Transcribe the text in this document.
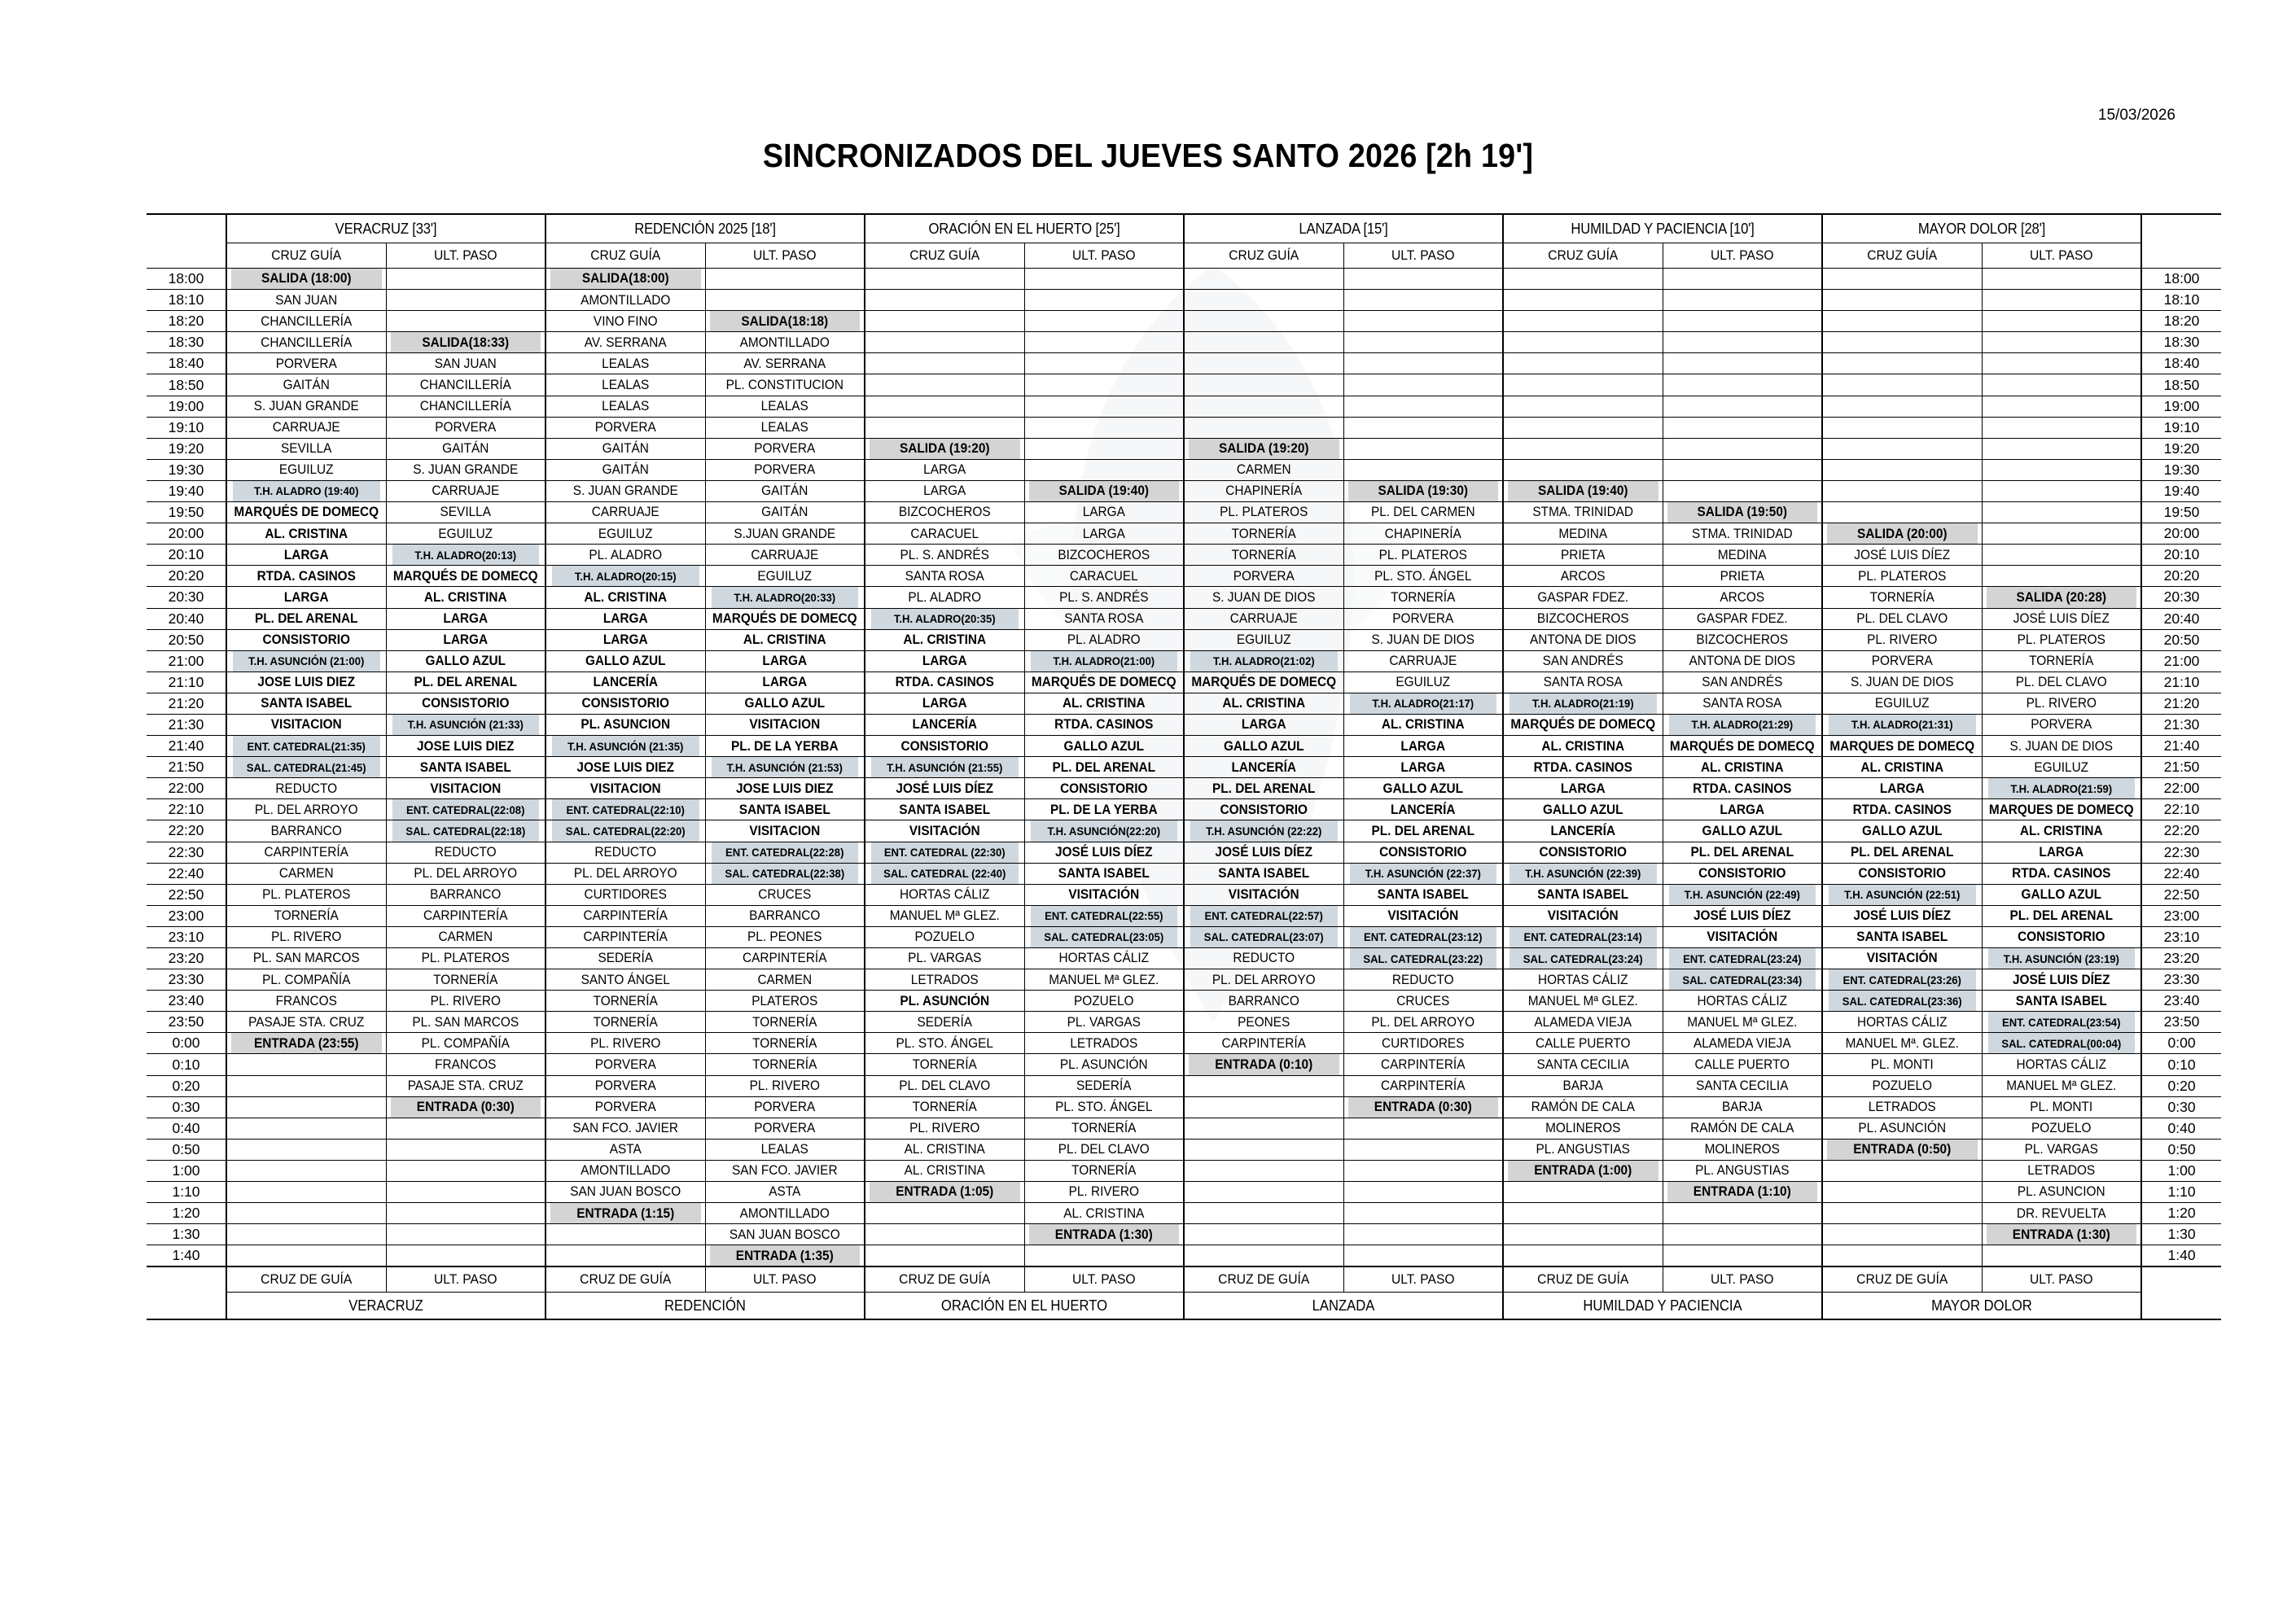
SINCRONIZADOS DEL JUEVES SANTO 2026 [2h 19']
	VERACRUZ [33']		REDENCIÓN 2025 [18']		ORACIÓN EN EL HUERTO [25']		LANZADA [15']		HUMILDAD Y PACIENCIA [10']		MAYOR DOLOR [28']		
	CRUZ GUÍA	ULT. PASO	CRUZ GUÍA	ULT. PASO	CRUZ GUÍA	ULT. PASO	CRUZ GUÍA	ULT. PASO	CRUZ GUÍA	ULT. PASO	CRUZ GUÍA	ULT. PASO	
18:00	SALIDA (18:00)		SALIDA(18:00)										18:00
18:10	SAN JUAN		AMONTILLADO										18:10
18:20	CHANCILLERÍA		VINO FINO	SALIDA(18:18)									18:20
18:30	CHANCILLERÍA	SALIDA(18:33)	AV. SERRANA	AMONTILLADO									18:30
18:40	PORVERA	SAN JUAN	LEALAS	AV. SERRANA									18:40
18:50	GAITÁN	CHANCILLERÍA	LEALAS	PL. CONSTITUCION									18:50
19:00	S. JUAN GRANDE	CHANCILLERÍA	LEALAS	LEALAS									19:00
19:10	CARRUAJE	PORVERA	PORVERA	LEALAS									19:10
19:20	SEVILLA	GAITÁN	GAITÁN	PORVERA	SALIDA (19:20)		SALIDA (19:20)						19:20
19:30	EGUILUZ	S. JUAN GRANDE	GAITÁN	PORVERA	LARGA		CARMEN						19:30
19:40	T.H. ALADRO (19:40)	CARRUAJE	S. JUAN GRANDE	GAITÁN	LARGA	SALIDA (19:40)	CHAPINERÍA	SALIDA (19:30)	SALIDA (19:40)				19:40
19:50	MARQUÉS DE DOMECQ	SEVILLA	CARRUAJE	GAITÁN	BIZCOCHEROS	LARGA	PL. PLATEROS	PL. DEL CARMEN	STMA. TRINIDAD	SALIDA (19:50)			19:50
20:00	AL. CRISTINA	EGUILUZ	EGUILUZ	S.JUAN GRANDE	CARACUEL	LARGA	TORNERÍA	CHAPINERÍA	MEDINA	STMA. TRINIDAD	SALIDA (20:00)		20:00
20:10	LARGA	T.H. ALADRO(20:13)	PL. ALADRO	CARRUAJE	PL. S. ANDRÉS	BIZCOCHEROS	TORNERÍA	PL. PLATEROS	PRIETA	MEDINA	JOSÉ LUIS DÍEZ		20:10
20:20	RTDA. CASINOS	MARQUÉS DE DOMECQ	T.H. ALADRO(20:15)	EGUILUZ	SANTA ROSA	CARACUEL	PORVERA	PL. STO. ÁNGEL	ARCOS	PRIETA	PL. PLATEROS		20:20
20:30	LARGA	AL. CRISTINA	AL. CRISTINA	T.H. ALADRO(20:33)	PL. ALADRO	PL. S. ANDRÉS	S. JUAN DE DIOS	TORNERÍA	GASPAR FDEZ.	ARCOS	TORNERÍA	SALIDA (20:28)	20:30
20:40	PL. DEL ARENAL	LARGA	LARGA	MARQUÉS DE DOMECQ	T.H. ALADRO(20:35)	SANTA ROSA	CARRUAJE	PORVERA	BIZCOCHEROS	GASPAR FDEZ.	PL. DEL CLAVO	JOSÉ LUIS DÍEZ	20:40
20:50	CONSISTORIO	LARGA	LARGA	AL. CRISTINA	AL. CRISTINA	PL. ALADRO	EGUILUZ	S. JUAN DE DIOS	ANTONA DE DIOS	BIZCOCHEROS	PL. RIVERO	PL. PLATEROS	20:50
21:00	T.H. ASUNCIÓN (21:00)	GALLO AZUL	GALLO AZUL	LARGA	LARGA	T.H. ALADRO(21:00)	T.H. ALADRO(21:02)	CARRUAJE	SAN ANDRÉS	ANTONA DE DIOS	PORVERA	TORNERÍA	21:00
21:10	JOSE LUIS DIEZ	PL. DEL ARENAL	LANCERÍA	LARGA	RTDA. CASINOS	MARQUÉS DE DOMECQ	MARQUÉS DE DOMECQ	EGUILUZ	SANTA ROSA	SAN ANDRÉS	S. JUAN DE DIOS	PL. DEL CLAVO	21:10
21:20	SANTA ISABEL	CONSISTORIO	CONSISTORIO	GALLO AZUL	LARGA	AL. CRISTINA	AL. CRISTINA	T.H. ALADRO(21:17)	T.H. ALADRO(21:19)	SANTA ROSA	EGUILUZ	PL. RIVERO	21:20
21:30	VISITACION	T.H. ASUNCIÓN (21:33)	PL. ASUNCION	VISITACION	LANCERÍA	RTDA. CASINOS	LARGA	AL. CRISTINA	MARQUÉS DE DOMECQ	T.H. ALADRO(21:29)	T.H. ALADRO(21:31)	PORVERA	21:30
21:40	ENT. CATEDRAL(21:35)	JOSE LUIS DIEZ	T.H. ASUNCIÓN (21:35)	PL. DE LA YERBA	CONSISTORIO	GALLO AZUL	GALLO AZUL	LARGA	AL. CRISTINA	MARQUÉS DE DOMECQ	MARQUES DE DOMECQ	S. JUAN DE DIOS	21:40
21:50	SAL. CATEDRAL(21:45)	SANTA ISABEL	JOSE LUIS DIEZ	T.H. ASUNCIÓN (21:53)	T.H. ASUNCIÓN (21:55)	PL. DEL ARENAL	LANCERÍA	LARGA	RTDA. CASINOS	AL. CRISTINA	AL. CRISTINA	EGUILUZ	21:50
22:00	REDUCTO	VISITACION	VISITACION	JOSE LUIS DIEZ	JOSÉ LUIS DÍEZ	CONSISTORIO	PL. DEL ARENAL	GALLO AZUL	LARGA	RTDA. CASINOS	LARGA	T.H. ALADRO(21:59)	22:00
22:10	PL. DEL ARROYO	ENT. CATEDRAL(22:08)	ENT. CATEDRAL(22:10)	SANTA ISABEL	SANTA ISABEL	PL. DE LA YERBA	CONSISTORIO	LANCERÍA	GALLO AZUL	LARGA	RTDA. CASINOS	MARQUES DE DOMECQ	22:10
22:20	BARRANCO	SAL. CATEDRAL(22:18)	SAL. CATEDRAL(22:20)	VISITACION	VISITACIÓN	T.H. ASUNCIÓN(22:20)	T.H. ASUNCIÓN (22:22)	PL. DEL ARENAL	LANCERÍA	GALLO AZUL	GALLO AZUL	AL. CRISTINA	22:20
22:30	CARPINTERÍA	REDUCTO	REDUCTO	ENT. CATEDRAL(22:28)	ENT. CATEDRAL (22:30)	JOSÉ LUIS DÍEZ	JOSÉ LUIS DÍEZ	CONSISTORIO	CONSISTORIO	PL. DEL ARENAL	PL. DEL ARENAL	LARGA	22:30
22:40	CARMEN	PL. DEL ARROYO	PL. DEL ARROYO	SAL. CATEDRAL(22:38)	SAL. CATEDRAL (22:40)	SANTA ISABEL	SANTA ISABEL	T.H. ASUNCIÓN (22:37)	T.H. ASUNCIÓN (22:39)	CONSISTORIO	CONSISTORIO	RTDA. CASINOS	22:40
22:50	PL. PLATEROS	BARRANCO	CURTIDORES	CRUCES	HORTAS CÁLIZ	VISITACIÓN	VISITACIÓN	SANTA ISABEL	SANTA ISABEL	T.H. ASUNCIÓN (22:49)	T.H. ASUNCIÓN (22:51)	GALLO AZUL	22:50
23:00	TORNERÍA	CARPINTERÍA	CARPINTERÍA	BARRANCO	MANUEL Mª GLEZ.	ENT. CATEDRAL(22:55)	ENT. CATEDRAL(22:57)	VISITACIÓN	VISITACIÓN	JOSÉ LUIS DÍEZ	JOSÉ LUIS DÍEZ	PL. DEL ARENAL	23:00
23:10	PL. RIVERO	CARMEN	CARPINTERÍA	PL. PEONES	POZUELO	SAL. CATEDRAL(23:05)	SAL. CATEDRAL(23:07)	ENT. CATEDRAL(23:12)	ENT. CATEDRAL(23:14)	VISITACIÓN	SANTA ISABEL	CONSISTORIO	23:10
23:20	PL. SAN MARCOS	PL. PLATEROS	SEDERÍA	CARPINTERÍA	PL. VARGAS	HORTAS CÁLIZ	REDUCTO	SAL. CATEDRAL(23:22)	SAL. CATEDRAL(23:24)	ENT. CATEDRAL(23:24)	VISITACIÓN	T.H. ASUNCIÓN (23:19)	23:20
23:30	PL. COMPAÑÍA	TORNERÍA	SANTO ÁNGEL	CARMEN	LETRADOS	MANUEL Mª GLEZ.	PL. DEL ARROYO	REDUCTO	HORTAS CÁLIZ	SAL. CATEDRAL(23:34)	ENT. CATEDRAL(23:26)	JOSÉ LUIS DÍEZ	23:30
23:40	FRANCOS	PL. RIVERO	TORNERÍA	PLATEROS	PL. ASUNCIÓN	POZUELO	BARRANCO	CRUCES	MANUEL Mª GLEZ.	HORTAS CÁLIZ	SAL. CATEDRAL(23:36)	SANTA ISABEL	23:40
23:50	PASAJE STA. CRUZ	PL. SAN MARCOS	TORNERÍA	TORNERÍA	SEDERÍA	PL. VARGAS	PEONES	PL. DEL ARROYO	ALAMEDA VIEJA	MANUEL Mª GLEZ.	HORTAS CÁLIZ	ENT. CATEDRAL(23:54)	23:50
0:00	ENTRADA (23:55)	PL. COMPAÑÍA	PL. RIVERO	TORNERÍA	PL. STO. ÁNGEL	LETRADOS	CARPINTERÍA	CURTIDORES	CALLE PUERTO	ALAMEDA VIEJA	MANUEL Mª. GLEZ.	SAL. CATEDRAL(00:04)	0:00
0:10		FRANCOS	PORVERA	TORNERÍA	TORNERÍA	PL. ASUNCIÓN	ENTRADA (0:10)	CARPINTERÍA	SANTA CECILIA	CALLE PUERTO	PL. MONTI	HORTAS CÁLIZ	0:10
0:20		PASAJE STA. CRUZ	PORVERA	PL. RIVERO	PL. DEL CLAVO	SEDERÍA		CARPINTERÍA	BARJA	SANTA CECILIA	POZUELO	MANUEL Mª GLEZ.	0:20
0:30		ENTRADA (0:30)	PORVERA	PORVERA	TORNERÍA	PL. STO. ÁNGEL		ENTRADA (0:30)	RAMÓN DE CALA	BARJA	LETRADOS	PL. MONTI	0:30
0:40			SAN FCO. JAVIER	PORVERA	PL. RIVERO	TORNERÍA			MOLINEROS	RAMÓN DE CALA	PL. ASUNCIÓN	POZUELO	0:40
0:50			ASTA	LEALAS	AL. CRISTINA	PL. DEL CLAVO			PL. ANGUSTIAS	MOLINEROS	ENTRADA (0:50)	PL. VARGAS	0:50
1:00			AMONTILLADO	SAN FCO. JAVIER	AL. CRISTINA	TORNERÍA			ENTRADA (1:00)	PL. ANGUSTIAS		LETRADOS	1:00
1:10			SAN JUAN BOSCO	ASTA	ENTRADA (1:05)	PL. RIVERO				ENTRADA (1:10)		PL. ASUNCION	1:10
1:20			ENTRADA (1:15)	AMONTILLADO		AL. CRISTINA						DR. REVUELTA	1:20
1:30				SAN JUAN BOSCO		ENTRADA (1:30)						ENTRADA (1:30)	1:30
1:40				ENTRADA (1:35)									1:40
	CRUZ DE GUÍA	ULT. PASO	CRUZ DE GUÍA	ULT. PASO	CRUZ DE GUÍA	ULT. PASO	CRUZ DE GUÍA	ULT. PASO	CRUZ DE GUÍA	ULT. PASO	CRUZ DE GUÍA	ULT. PASO	
	VERACRUZ		REDENCIÓN		ORACIÓN EN EL HUERTO		LANZADA		HUMILDAD Y PACIENCIA		MAYOR DOLOR		
15/03/2026
